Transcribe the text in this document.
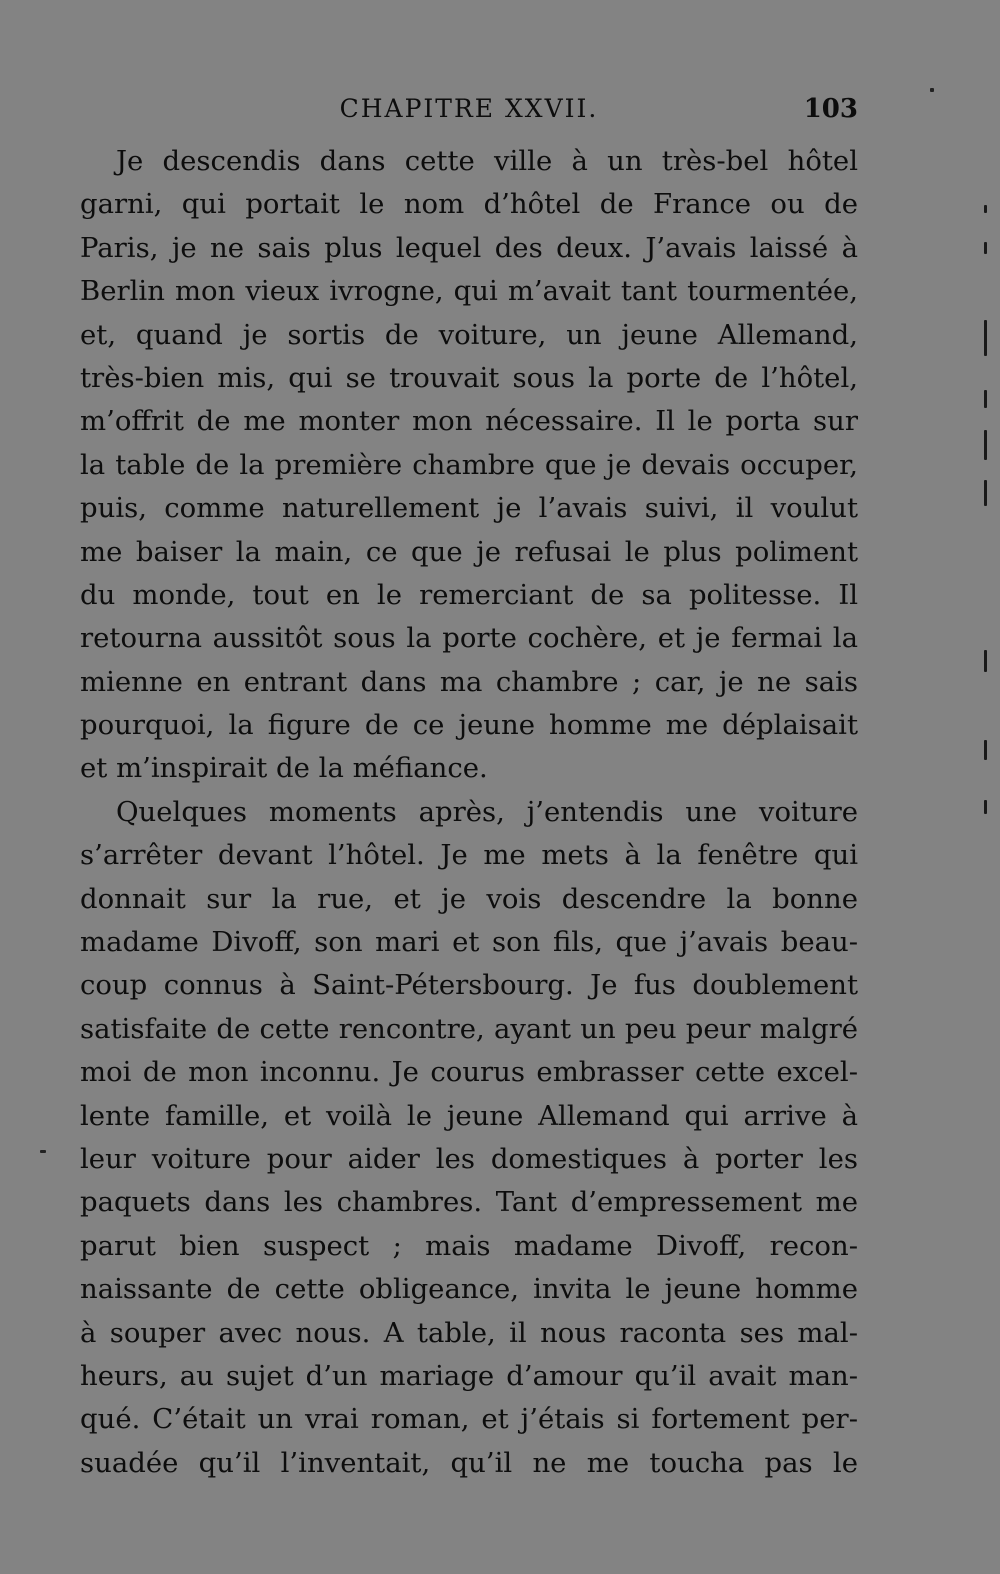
CHAPITRE XXVII.	103
Je descendis dans cette ville à un très-bel hôtel
garni, qui portait le nom d’hôtel de France ou de
Paris, je ne sais plus lequel des deux. J’avais laissé à
Berlin mon vieux ivrogne, qui m’avait tant tourmentée,
et, quand je sortis de voiture, un jeune Allemand,
très-bien mis, qui se trouvait sous la porte de l’hôtel,
m’offrit de me monter mon nécessaire. Il le porta sur
la table de la première chambre que je devais occuper,
puis, comme naturellement je l’avais suivi, il voulut
me baiser la main, ce que je refusai le plus poliment
du monde, tout en le remerciant de sa politesse. Il
retourna aussitôt sous la porte cochère, et je fermai la
mienne en entrant dans ma chambre ; car, je ne sais
pourquoi, la figure de ce jeune homme me déplaisait
et m’inspirait de la méfiance.
Quelques moments après, j’entendis une voiture
s’arrêter devant l’hôtel. Je me mets à la fenêtre qui
donnait sur la rue, et je vois descendre la bonne
madame Divoff, son mari et son fils, que j’avais beau-
coup connus à Saint-Pétersbourg. Je fus doublement
satisfaite de cette rencontre, ayant un peu peur malgré
moi de mon inconnu. Je courus embrasser cette excel-
lente famille, et voilà le jeune Allemand qui arrive à
leur voiture pour aider les domestiques à porter les
paquets dans les chambres. Tant d’empressement me
parut bien suspect ; mais madame Divoff, recon-
naissante de cette obligeance, invita le jeune homme
à souper avec nous. A table, il nous raconta ses mal-
heurs, au sujet d’un mariage d’amour qu’il avait man-
qué. C’était un vrai roman, et j’étais si fortement per-
suadée qu’il l’inventait, qu’il ne me toucha pas le
